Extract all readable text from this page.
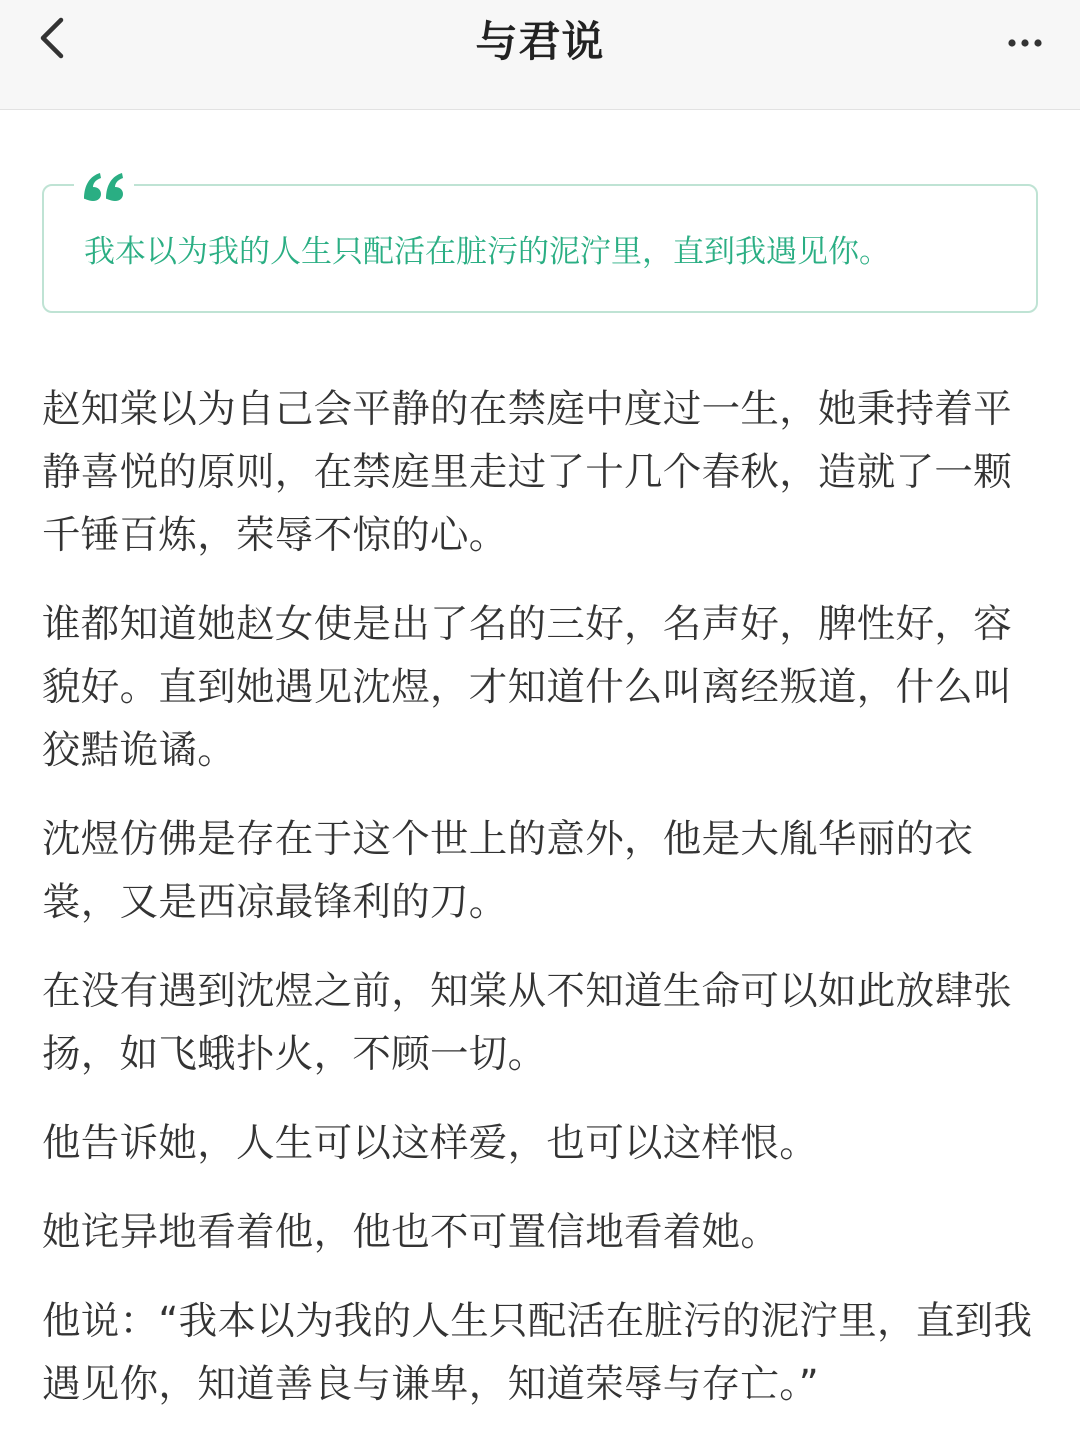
与君说
我本以为我的人生只配活在脏污的泥泞里，直到我遇见你。

赵知棠以为自己会平静的在禁庭中度过一生，她秉持着平静喜悦的原则，在禁庭里走过了十几个春秋，造就了一颗千锤百炼，荣辱不惊的心。

谁都知道她赵女使是出了名的三好，名声好，脾性好，容貌好。直到她遇见沈煜，才知道什么叫离经叛道，什么叫狡黠诡谲。

沈煜仿佛是存在于这个世上的意外，他是大胤华丽的衣裳，又是西凉最锋利的刀。

在没有遇到沈煜之前，知棠从不知道生命可以如此放肆张扬，如飞蛾扑火，不顾一切。

他告诉她，人生可以这样爱，也可以这样恨。

她诧异地看着他，他也不可置信地看着她。

他说：“我本以为我的人生只配活在脏污的泥泞里，直到我遇见你，知道善良与谦卑，知道荣辱与存亡。”
